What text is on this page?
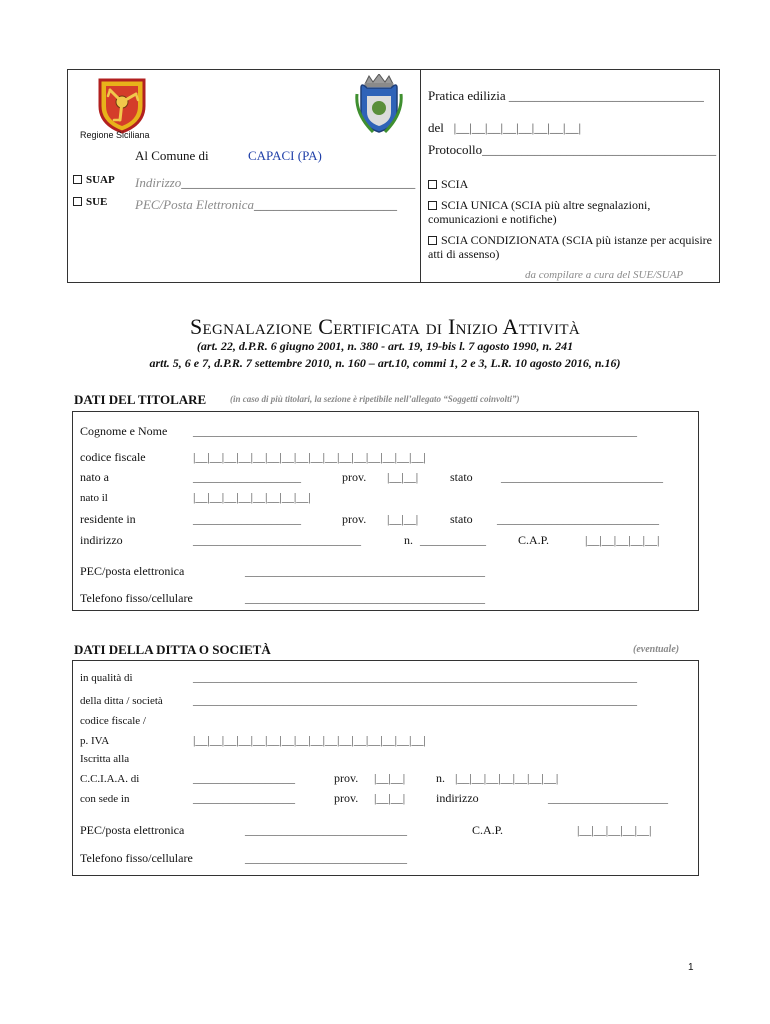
Regione Siciliana
Al Comune di	CAPACI (PA)
SUAP
SUE
Indirizzo____________________________________
PEC/Posta Elettronica______________________
Pratica edilizia ______________________________
del |__|__|__|__|__|__|__|__|
Protocollo____________________________________
SCIA
SCIA UNICA (SCIA più altre segnalazioni, comunicazioni e notifiche)
SCIA CONDIZIONATA (SCIA più istanze per acquisire atti di assenso)
da compilare a cura del SUE/SUAP
Segnalazione Certificata di Inizio Attività
(art. 22, d.P.R. 6 giugno 2001, n. 380 - art. 19, 19-bis l. 7 agosto 1990, n. 241
artt. 5, 6 e 7, d.P.R. 7 settembre 2010, n. 160 – art.10, commi 1, 2 e 3, L.R. 10 agosto 2016, n.16)
DATI DEL TITOLARE	(in caso di più titolari, la sezione è ripetibile nell’allegato “Soggetti coinvolti”)
Cognome e Nome __________________________________________________________________________
codice fiscale	|__|__|__|__|__|__|__|__|__|__|__|__|__|__|__|__|
nato a	__________________	prov. |__|__|	stato ___________________________
nato il	|__|__|__|__|__|__|__|__|
residente in	__________________	prov. |__|__|	stato ___________________________
indirizzo	____________________________	n. ___________	C.A.P.	|__|__|__|__|__|
PEC/posta elettronica	________________________________________
Telefono fisso/cellulare	________________________________________
DATI DELLA DITTA O SOCIETÀ	(eventuale)
in qualità di	__________________________________________________________________________
della ditta / società	__________________________________________________________________________
codice fiscale /
p. IVA	|__|__|__|__|__|__|__|__|__|__|__|__|__|__|__|__|
Iscritta alla
C.C.I.A.A. di	_________________	prov. |__|__|	n. |__|__|__|__|__|__|__|
con sede in	_________________	prov. |__|__|	indirizzo	____________________
PEC/posta elettronica	___________________________	C.A.P.	|__|__|__|__|__|
Telefono fisso/cellulare	___________________________
1
